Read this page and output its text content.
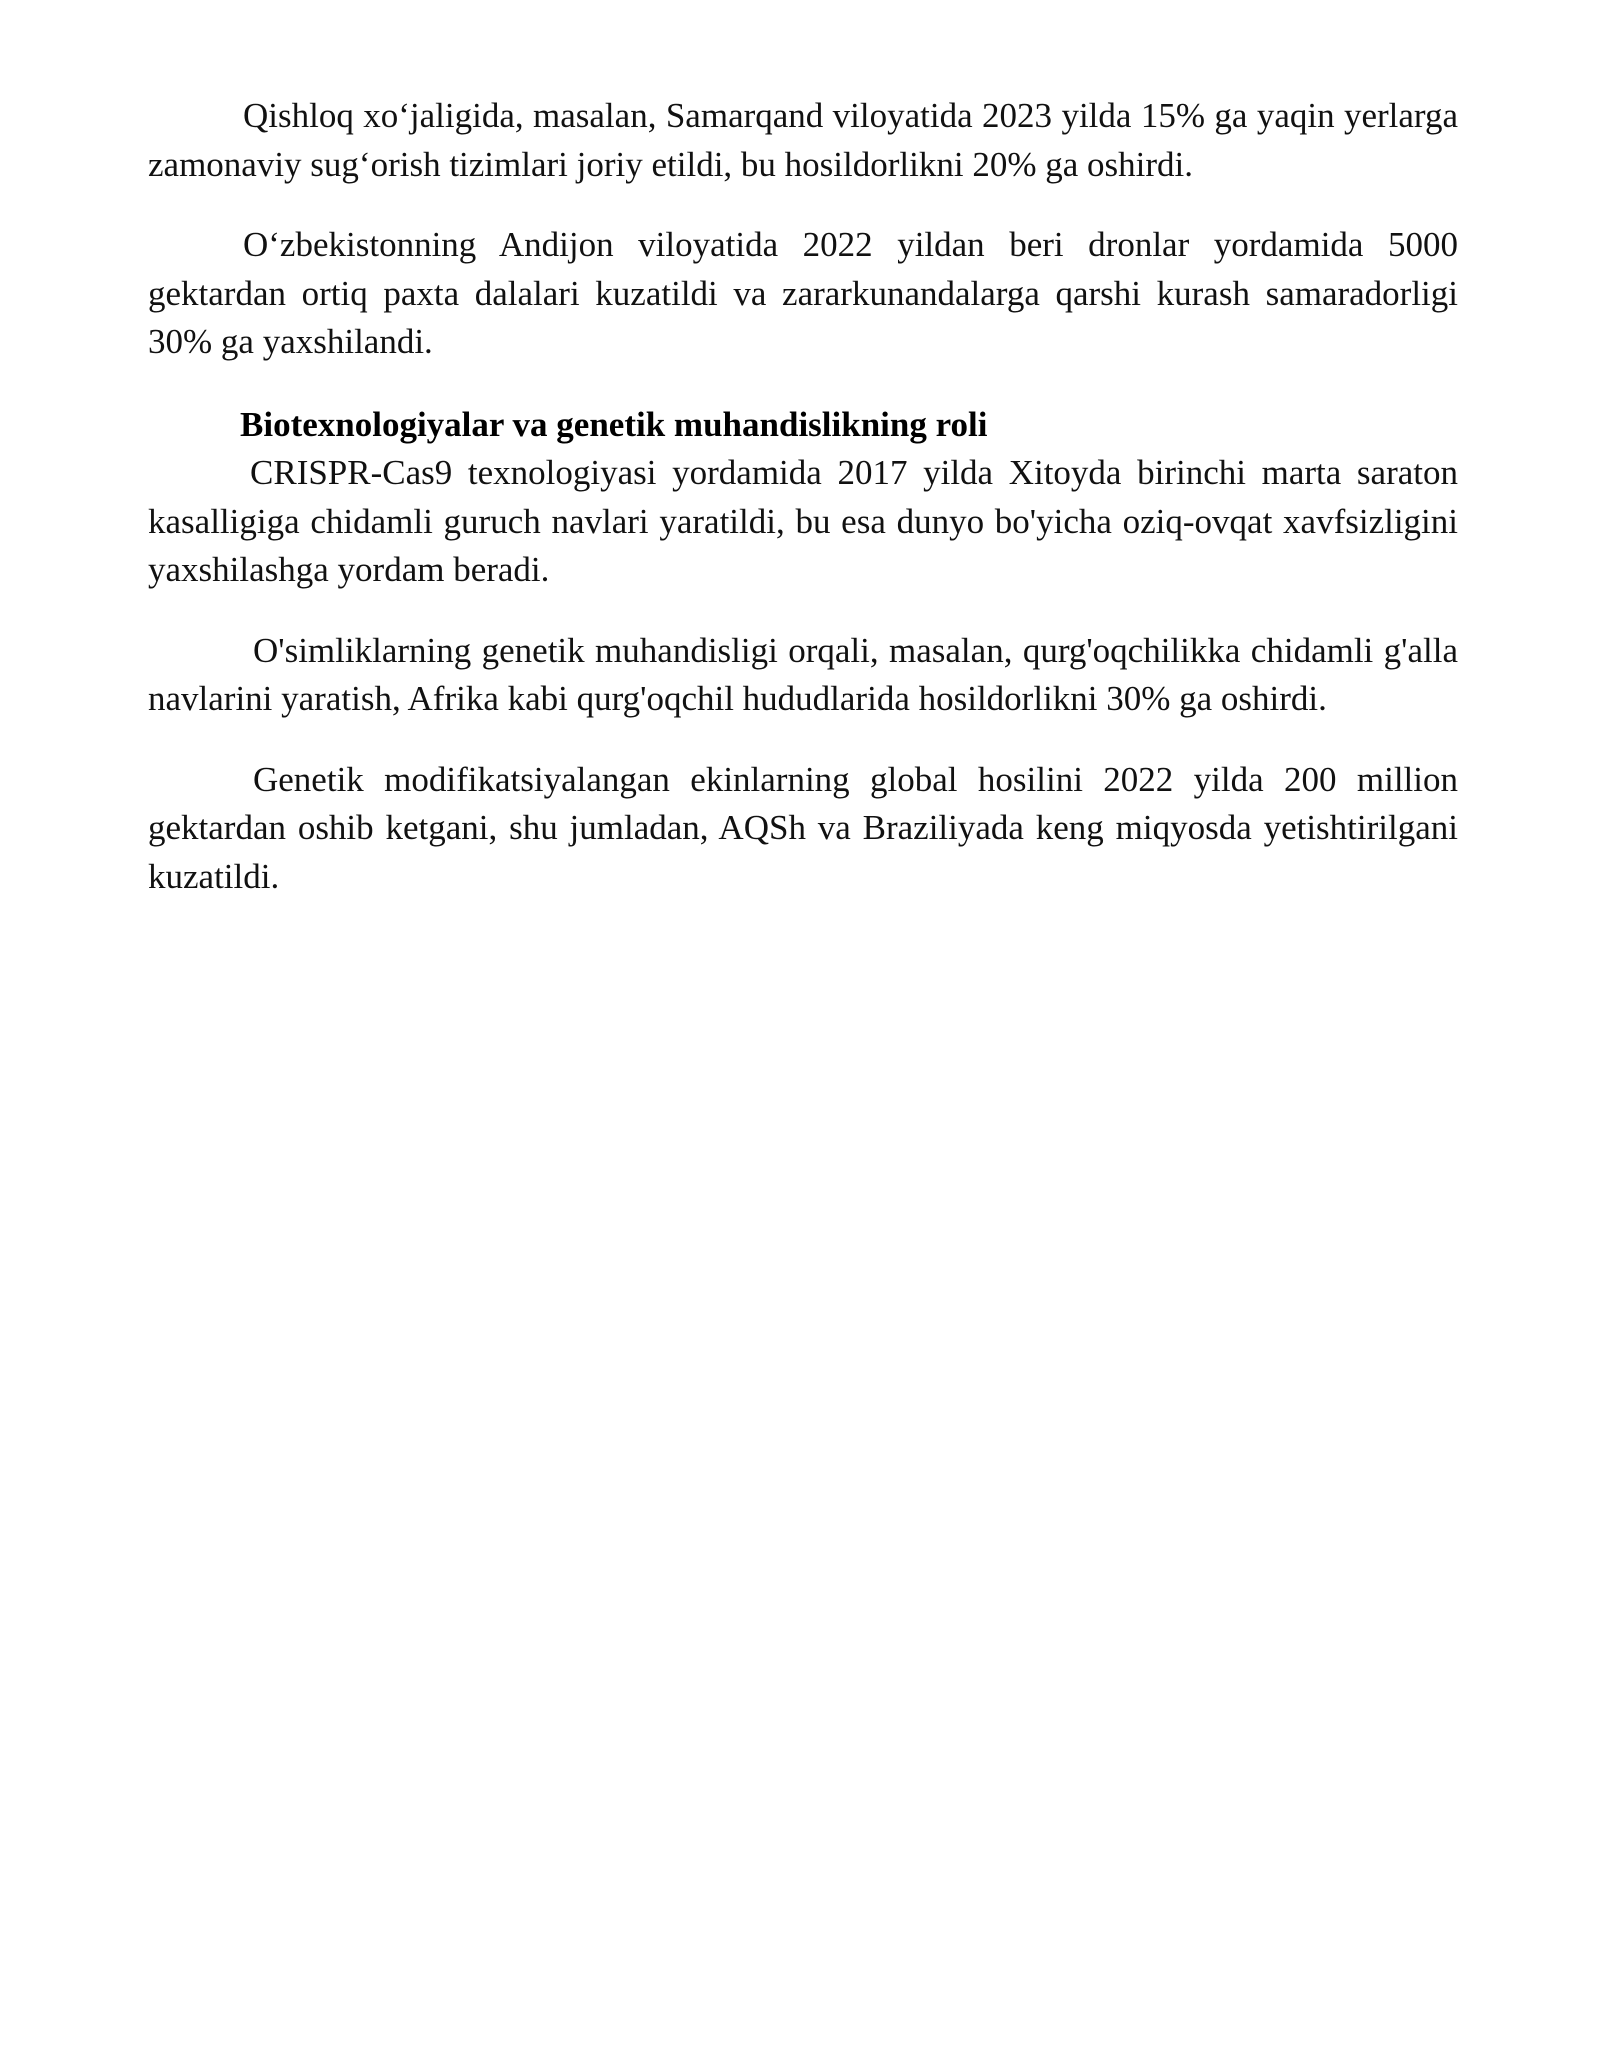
Qishloq xo‘jaligida, masalan, Samarqand viloyatida 2023 yilda 15% ga yaqin yerlarga zamonaviy sug‘orish tizimlari joriy etildi, bu hosildorlikni 20% ga oshirdi.

O‘zbekistonning Andijon viloyatida 2022 yildan beri dronlar yordamida 5000 gektardan ortiq paxta dalalari kuzatildi va zararkunandalarga qarshi kurash samaradorligi 30% ga yaxshilandi.

Biotexnologiyalar va genetik muhandislikning roli

CRISPR-Cas9 texnologiyasi yordamida 2017 yilda Xitoyda birinchi marta saraton kasalligiga chidamli guruch navlari yaratildi, bu esa dunyo bo'yicha oziq-ovqat xavfsizligini yaxshilashga yordam beradi.

O'simliklarning genetik muhandisligi orqali, masalan, qurg'oqchilikka chidamli g'alla navlarini yaratish, Afrika kabi qurg'oqchil hududlarida hosildorlikni 30% ga oshirdi.

Genetik modifikatsiyalangan ekinlarning global hosilini 2022 yilda 200 million gektardan oshib ketgani, shu jumladan, AQSh va Braziliyada keng miqyosda yetishtirilgani kuzatildi.
